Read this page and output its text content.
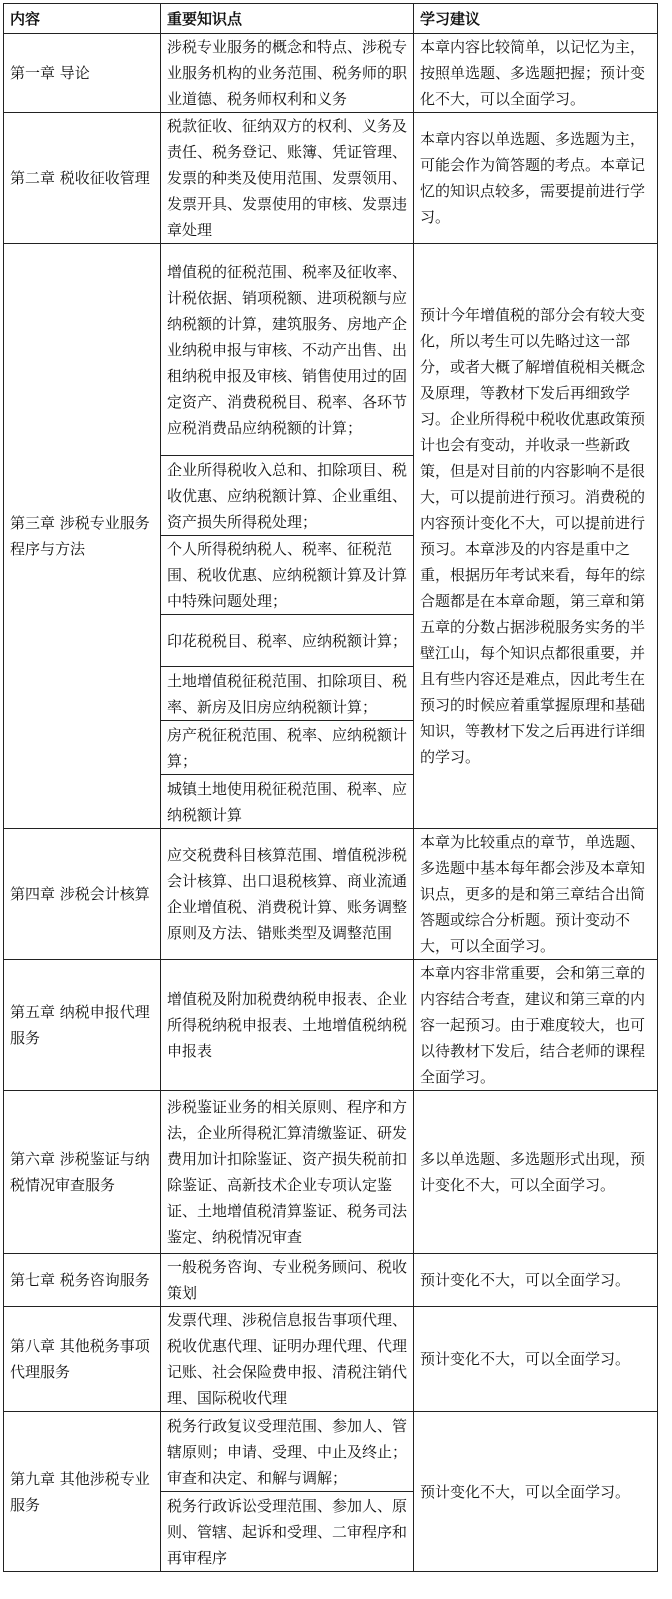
内容	重要知识点	学习建议
第一章 导论	涉税专业服务的概念和特点、涉税专业服务机构的业务范围、税务师的职业道德、税务师权利和义务	本章内容比较简单，以记忆为主，按照单选题、多选题把握；预计变化不大，可以全面学习。
第二章 税收征收管理	税款征收、征纳双方的权利、义务及责任、税务登记、账簿、凭证管理、发票的种类及使用范围、发票领用、发票开具、发票使用的审核、发票违章处理	本章内容以单选题、多选题为主，可能会作为简答题的考点。本章记忆的知识点较多，需要提前进行学习。
第三章 涉税专业服务程序与方法	增值税的征税范围、税率及征收率、计税依据、销项税额、进项税额与应纳税额的计算，建筑服务、房地产企业纳税申报与审核、不动产出售、出租纳税申报及审核、销售使用过的固定资产、消费税税目、税率、各环节应税消费品应纳税额的计算；	预计今年增值税的部分会有较大变化，所以考生可以先略过这一部分，或者大概了解增值税相关概念及原理，等教材下发后再细致学习。企业所得税中税收优惠政策预计也会有变动，并收录一些新政策，但是对目前的内容影响不是很大，可以提前进行预习。消费税的内容预计变化不大，可以提前进行预习。本章涉及的内容是重中之重，根据历年考试来看，每年的综合题都是在本章命题，第三章和第五章的分数占据涉税服务实务的半壁江山，每个知识点都很重要，并且有些内容还是难点，因此考生在预习的时候应着重掌握原理和基础知识，等教材下发之后再进行详细的学习。
	企业所得税收入总和、扣除项目、税收优惠、应纳税额计算、企业重组、资产损失所得税处理；	
	个人所得税纳税人、税率、征税范围、税收优惠、应纳税额计算及计算中特殊问题处理；	
	印花税税目、税率、应纳税额计算；	
	土地增值税征税范围、扣除项目、税率、新房及旧房应纳税额计算；	
	房产税征税范围、税率、应纳税额计算；	
	城镇土地使用税征税范围、税率、应纳税额计算	
第四章 涉税会计核算	应交税费科目核算范围、增值税涉税会计核算、出口退税核算、商业流通企业增值税、消费税计算、账务调整原则及方法、错账类型及调整范围	本章为比较重点的章节，单选题、多选题中基本每年都会涉及本章知识点，更多的是和第三章结合出简答题或综合分析题。预计变动不大，可以全面学习。
第五章 纳税申报代理服务	增值税及附加税费纳税申报表、企业所得税纳税申报表、土地增值税纳税申报表	本章内容非常重要，会和第三章的内容结合考查，建议和第三章的内容一起预习。由于难度较大，也可以待教材下发后，结合老师的课程全面学习。
第六章 涉税鉴证与纳税情况审查服务	涉税鉴证业务的相关原则、程序和方法，企业所得税汇算清缴鉴证、研发费用加计扣除鉴证、资产损失税前扣除鉴证、高新技术企业专项认定鉴证、土地增值税清算鉴证、税务司法鉴定、纳税情况审查	多以单选题、多选题形式出现，预计变化不大，可以全面学习。
第七章 税务咨询服务	一般税务咨询、专业税务顾问、税收策划	预计变化不大，可以全面学习。
第八章 其他税务事项代理服务	发票代理、涉税信息报告事项代理、税收优惠代理、证明办理代理、代理记账、社会保险费申报、清税注销代理、国际税收代理	预计变化不大，可以全面学习。
第九章 其他涉税专业服务	税务行政复议受理范围、参加人、管辖原则；申请、受理、中止及终止；审查和决定、和解与调解；	预计变化不大，可以全面学习。
	税务行政诉讼受理范围、参加人、原则、管辖、起诉和受理、二审程序和再审程序	
